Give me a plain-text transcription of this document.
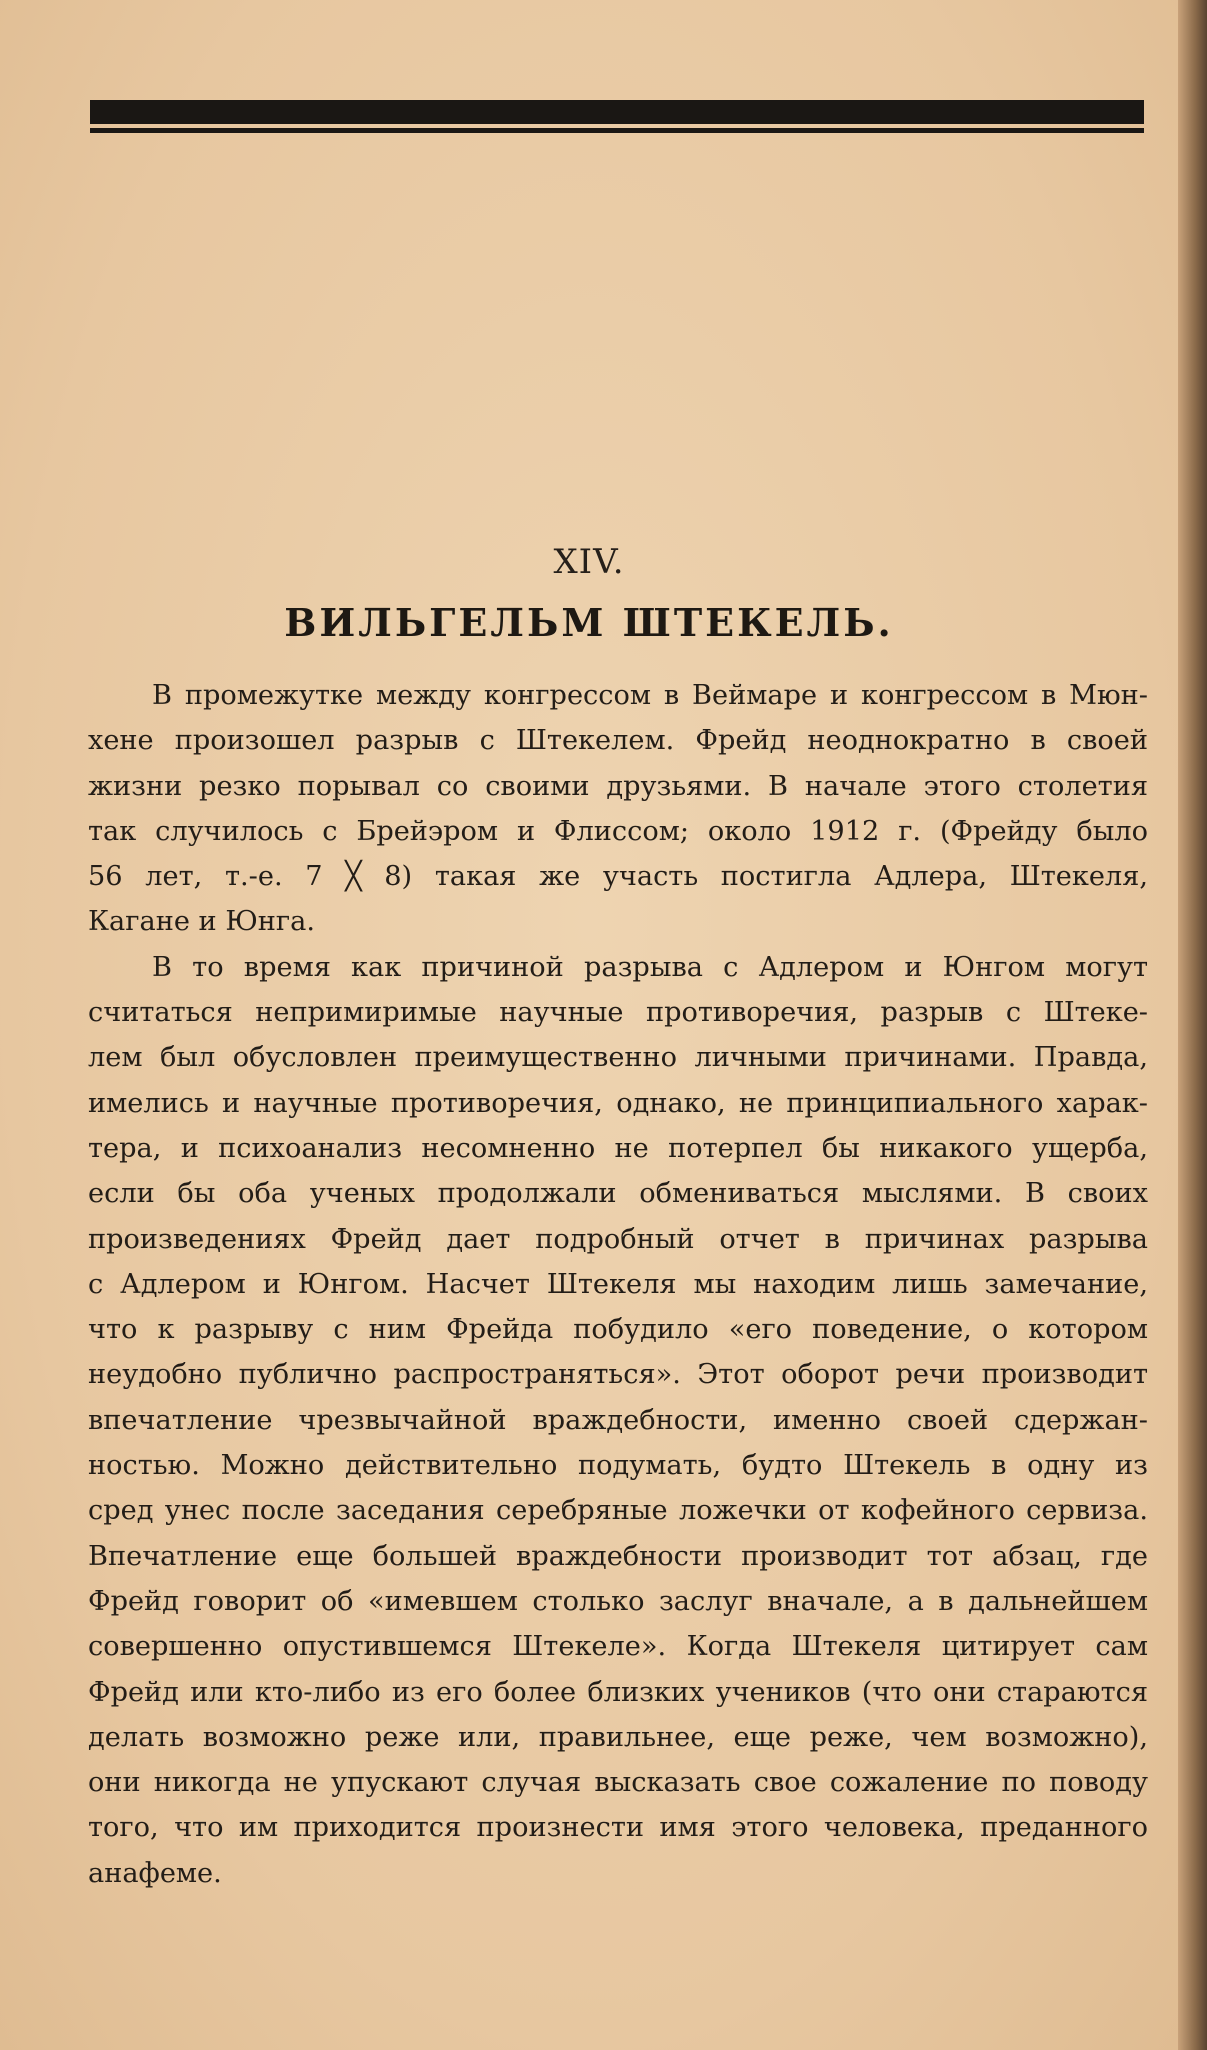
XIV.
ВИЛЬГЕЛЬМ ШТЕКЕЛЬ.
В промежутке между конгрессом в Веймаре и конгрессом в Мюн-
хене произошел разрыв с Штекелем. Фрейд неоднократно в своей
жизни резко порывал со своими друзьями. В начале этого столетия
так случилось с Брейэром и Флиссом; около 1912 г. (Фрейду было
56 лет, т.-е. 7 ╳ 8) такая же участь постигла Адлера, Штекеля,
Кагане и Юнга.
В то время как причиной разрыва с Адлером и Юнгом могут
считаться непримиримые научные противоречия, разрыв с Штеке-
лем был обусловлен преимущественно личными причинами. Правда,
имелись и научные противоречия, однако, не принципиального харак-
тера, и психоанализ несомненно не потерпел бы никакого ущерба,
если бы оба ученых продолжали обмениваться мыслями. В своих
произведениях Фрейд дает подробный отчет в причинах разрыва
с Адлером и Юнгом. Насчет Штекеля мы находим лишь замечание,
что к разрыву с ним Фрейда побудило «его поведение, о котором
неудобно публично распространяться». Этот оборот речи производит
впечатление чрезвычайной враждебности, именно своей сдержан-
ностью. Можно действительно подумать, будто Штекель в одну из
сред унес после заседания серебряные ложечки от кофейного сервиза.
Впечатление еще большей враждебности производит тот абзац, где
Фрейд говорит об «имевшем столько заслуг вначале, а в дальнейшем
совершенно опустившемся Штекеле». Когда Штекеля цитирует сам
Фрейд или кто-либо из его более близких учеников (что они стараются
делать возможно реже или, правильнее, еще реже, чем возможно),
они никогда не упускают случая высказать свое сожаление по поводу
того, что им приходится произнести имя этого человека, преданного
анафеме.
